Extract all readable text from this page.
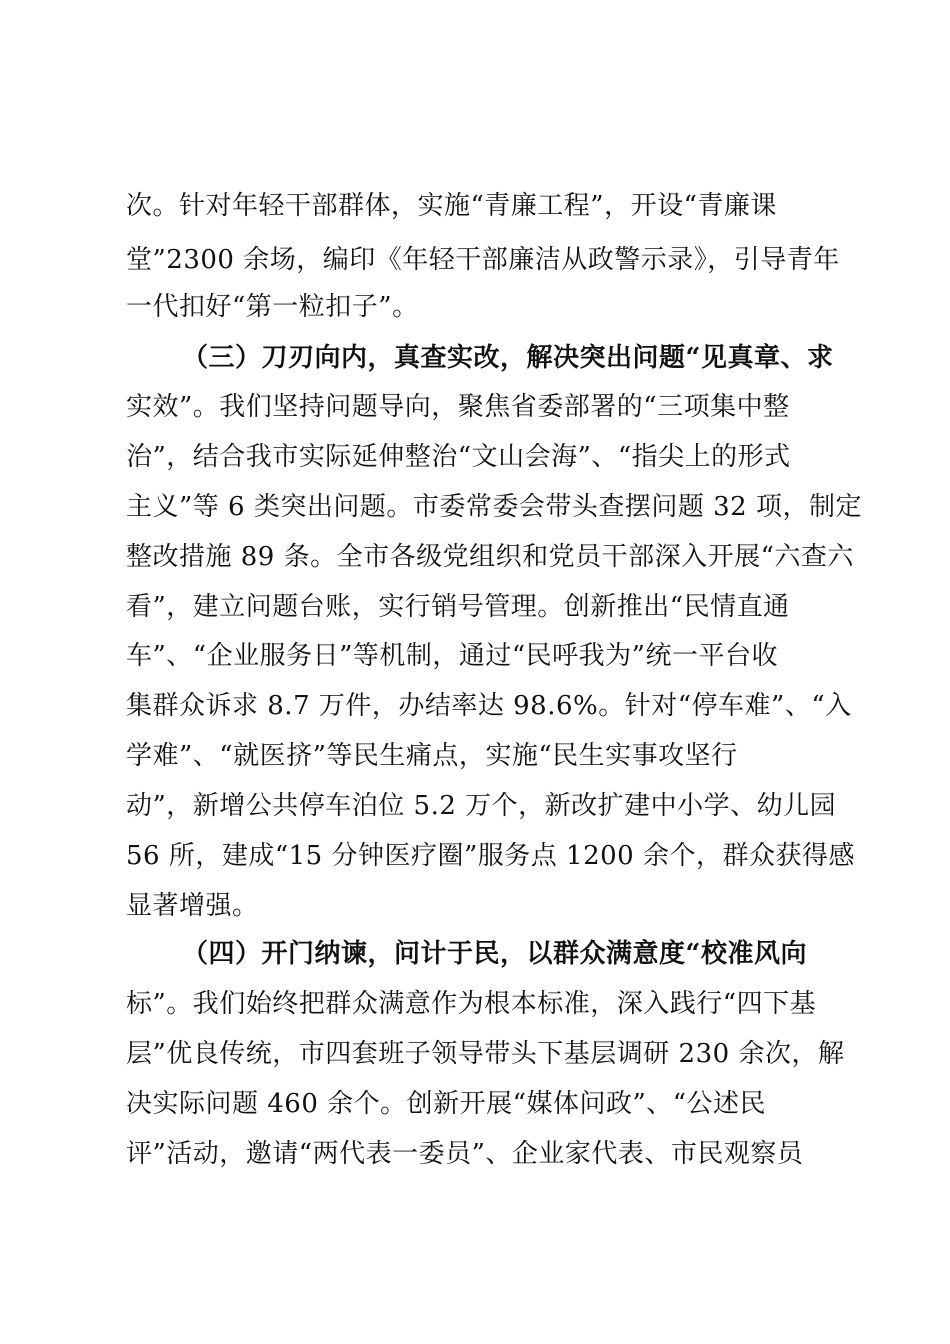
次。针对年轻干部群体，实施“青廉工程”，开设“青廉课
堂”2300 余场，编印《年轻干部廉洁从政警示录》，引导青年
一代扣好“第一粒扣子”。
（三）刀刃向内，真查实改，解决突出问题“见真章、求
实效”。我们坚持问题导向，聚焦省委部署的“三项集中整
治”，结合我市实际延伸整治“文山会海”、“指尖上的形式
主义”等 6 类突出问题。市委常委会带头查摆问题 32 项，制定
整改措施 89 条。全市各级党组织和党员干部深入开展“六查六
看”，建立问题台账，实行销号管理。创新推出“民情直通
车”、“企业服务日”等机制，通过“民呼我为”统一平台收
集群众诉求 8.7 万件，办结率达 98.6%。针对“停车难”、“入
学难”、“就医挤”等民生痛点，实施“民生实事攻坚行
动”，新增公共停车泊位 5.2 万个，新改扩建中小学、幼儿园
56 所，建成“15 分钟医疗圈”服务点 1200 余个，群众获得感
显著增强。
（四）开门纳谏，问计于民，以群众满意度“校准风向
标”。我们始终把群众满意作为根本标准，深入践行“四下基
层”优良传统，市四套班子领导带头下基层调研 230 余次，解
决实际问题 460 余个。创新开展“媒体问政”、“公述民
评”活动，邀请“两代表一委员”、企业家代表、市民观察员
